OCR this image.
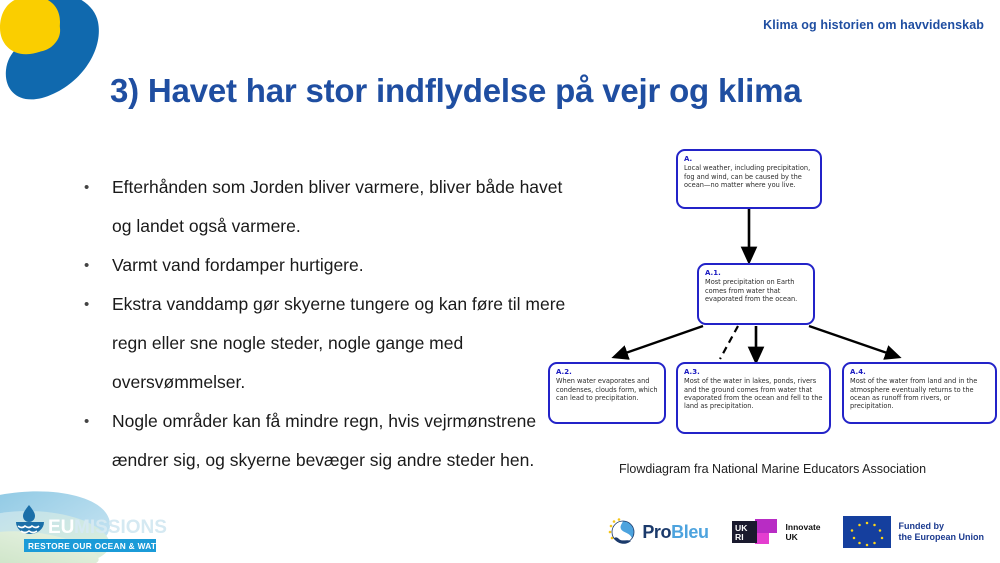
Klima og historien om havvidenskab
3) Havet har stor indflydelse på vejr og klima
•	Efterhånden som Jorden bliver varmere, bliver både havet og landet også varmere.
•	Varmt vand fordamper hurtigere.
•	Ekstra vanddamp gør skyerne tungere og kan føre til mere regn eller sne nogle steder, nogle gange med oversvømmelser.
•	Nogle områder kan få mindre regn, hvis vejrmønstrene ændrer sig, og skyerne bevæger sig andre steder hen.
A.
Local weather, including precipitation, fog and wind, can be caused by the ocean—no matter where you live.
A.1.
Most precipitation on Earth comes from water that evaporated from the ocean.
A.2.
When water evaporates and condenses, clouds form, which can lead to precipitation.
A.3.
Most of the water in lakes, ponds, rivers and the ground comes from water that evaporated from the ocean and fell to the land as precipitation.
A.4.
Most of the water from land and in the atmosphere eventually returns to the ocean as runoff from rivers, or precipitation.
Flowdiagram fra National Marine Educators Association
EU MISSIONS
RESTORE OUR OCEAN & WATERS
ProBleu	UK
RI
Innovate
UK
Funded by
the European Union
